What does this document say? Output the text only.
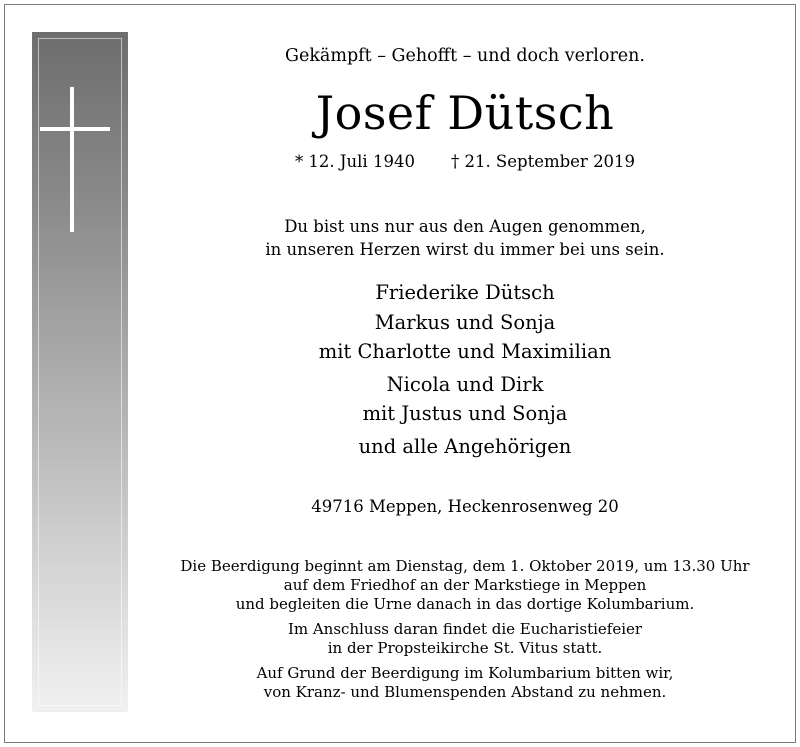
Gekämpft – Gehofft – und doch verloren.
Josef Dütsch
* 12. Juli 1940 † 21. September 2019
Du bist uns nur aus den Augen genommen,
in unseren Herzen wirst du immer bei uns sein.
Friederike Dütsch
Markus und Sonja
mit Charlotte und Maximilian
Nicola und Dirk
mit Justus und Sonja
und alle Angehörigen
49716 Meppen, Heckenrosenweg 20
Die Beerdigung beginnt am Dienstag, dem 1. Oktober 2019, um 13.30 Uhr
auf dem Friedhof an der Markstiege in Meppen
und begleiten die Urne danach in das dortige Kolumbarium.
Im Anschluss daran findet die Eucharistiefeier
in der Propsteikirche St. Vitus statt.
Auf Grund der Beerdigung im Kolumbarium bitten wir,
von Kranz- und Blumenspenden Abstand zu nehmen.
